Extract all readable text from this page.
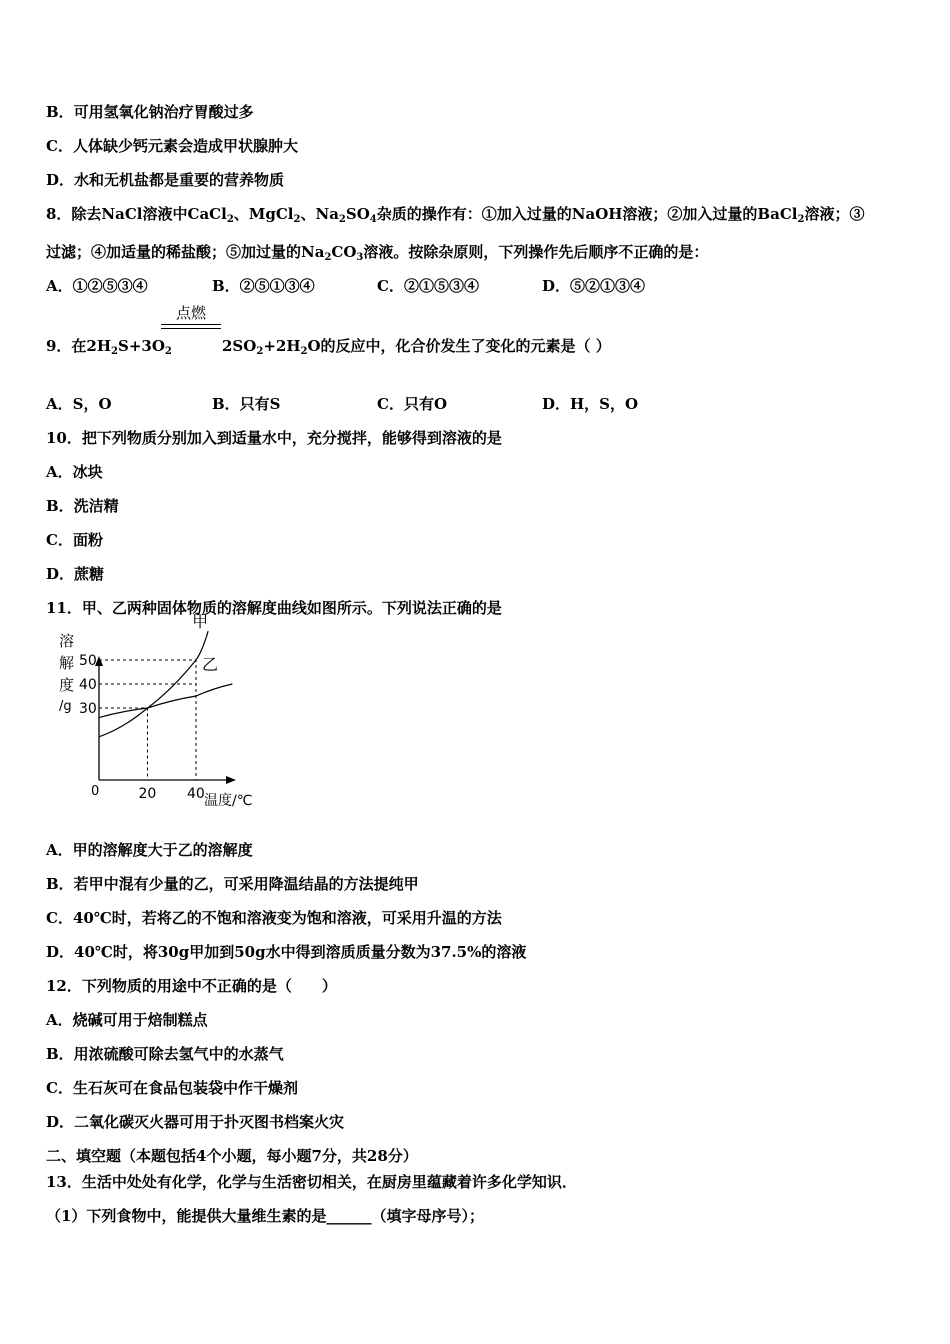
B．可用氢氧化钠治疗胃酸过多
C．人体缺少钙元素会造成甲状腺肿大
D．水和无机盐都是重要的营养物质
8．除去NaCl溶液中CaCl$_2$、MgCl$_2$、$Na_2SO_4$杂质的操作有：①加入过量的NaOH溶液；②加入过量的BaCl$_2$溶液；③
过滤；④加适量的稀盐酸；⑤加过量的$Na_2CO_3$溶液。按除杂原则，下列操作先后顺序不正确的是：
A．①②⑤③④	B．②⑤①③④	C．②①⑤③④	D．⑤②①③④
点燃
9．在$2H_2S+3O_2$	$2SO_2+2H_2O$的反应中，化合价发生了变化的元素是（ ）
A．S，O	B．只有S	C．只有O	D．H，S，O
10．把下列物质分别加入到适量水中，充分搅拌，能够得到溶液的是
A．冰块
B．洗洁精
C．面粉
D．蔗糖
11．甲、乙两种固体物质的溶解度曲线如图所示。下列说法正确的是
溶
解
度
/g
0
温度/℃
20 40
30
40
50
甲
乙
A．甲的溶解度大于乙的溶解度
B．若甲中混有少量的乙，可采用降温结晶的方法提纯甲
C．40℃时，若将乙的不饱和溶液变为饱和溶液，可采用升温的方法
D．40℃时，将30g甲加到50g水中得到溶质质量分数为37.5%的溶液
12．下列物质的用途中不正确的是（　　）
A．烧碱可用于焙制糕点
B．用浓硫酸可除去氢气中的水蒸气
C．生石灰可在食品包装袋中作干燥剂
D．二氧化碳灭火器可用于扑灭图书档案火灾
二、填空题（本题包括4个小题，每小题7分，共28分）
13．生活中处处有化学，化学与生活密切相关，在厨房里蕴藏着许多化学知识．
（1）下列食物中，能提供大量维生素的是______（填字母序号）；
